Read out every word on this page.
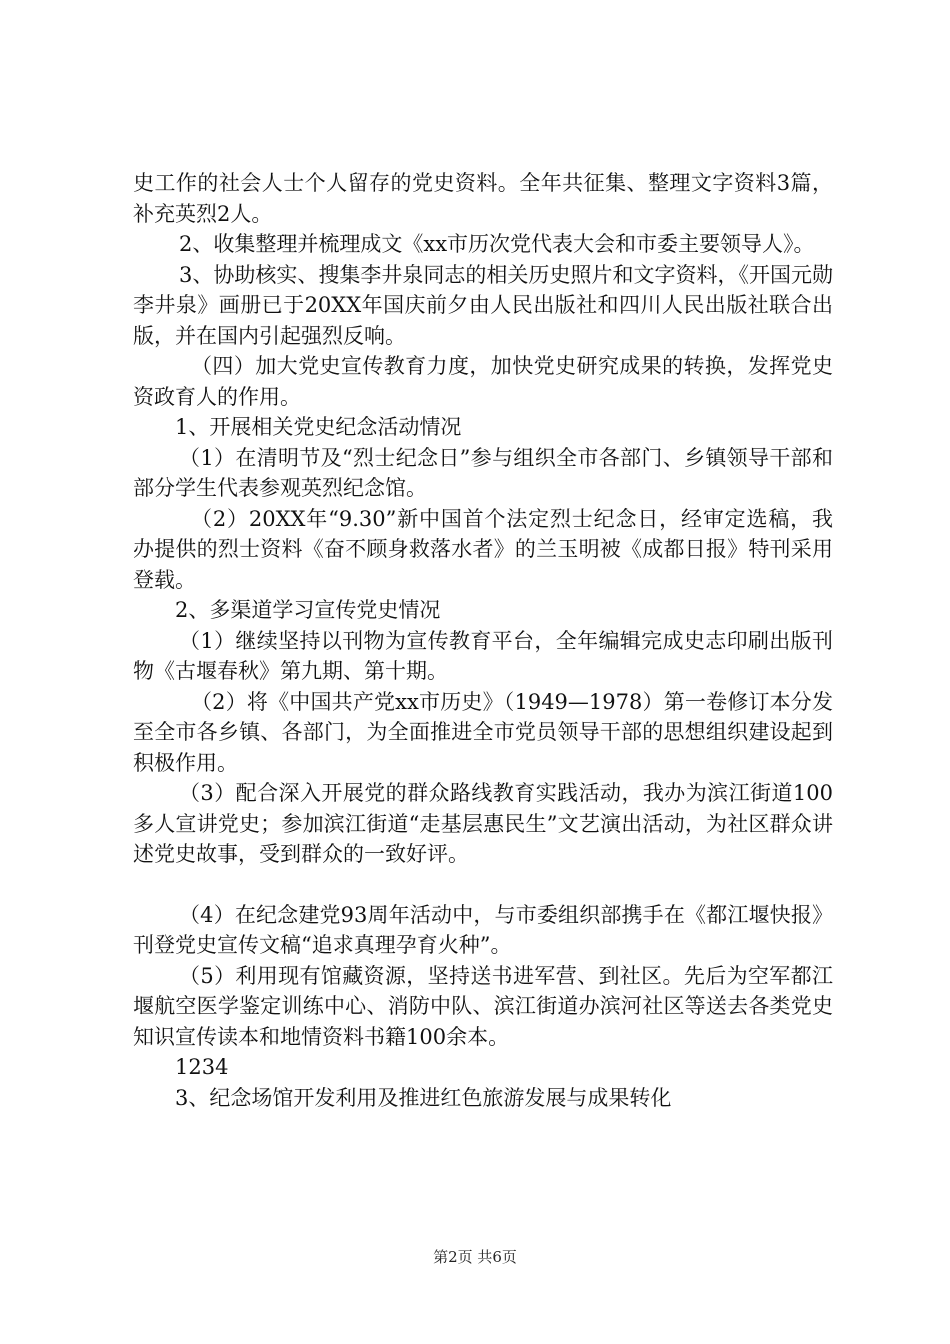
史工作的社会人士个人留存的党史资料。全年共征集、整理文字资料3篇，补充英烈2人。

2、收集整理并梳理成文《xx市历次党代表大会和市委主要领导人》。

3、协助核实、搜集李井泉同志的相关历史照片和文字资料，《开国元勋李井泉》画册已于20XX年国庆前夕由人民出版社和四川人民出版社联合出版，并在国内引起强烈反响。

（四）加大党史宣传教育力度，加快党史研究成果的转换，发挥党史资政育人的作用。

1、开展相关党史纪念活动情况

（1）在清明节及“烈士纪念日”参与组织全市各部门、乡镇领导干部和部分学生代表参观英烈纪念馆。

（2）20XX年“9.30”新中国首个法定烈士纪念日，经审定选稿，我办提供的烈士资料《奋不顾身救落水者》的兰玉明被《成都日报》特刊采用登载。

2、多渠道学习宣传党史情况

（1）继续坚持以刊物为宣传教育平台，全年编辑完成史志印刷出版刊物《古堰春秋》第九期、第十期。

（2）将《中国共产党xx市历史》（1949—1978）第一卷修订本分发至全市各乡镇、各部门，为全面推进全市党员领导干部的思想组织建设起到积极作用。

（3）配合深入开展党的群众路线教育实践活动，我办为滨江街道100多人宣讲党史；参加滨江街道“走基层惠民生”文艺演出活动，为社区群众讲述党史故事，受到群众的一致好评。

（4）在纪念建党93周年活动中，与市委组织部携手在《都江堰快报》刊登党史宣传文稿“追求真理孕育火种”。

（5）利用现有馆藏资源，坚持送书进军营、到社区。先后为空军都江堰航空医学鉴定训练中心、消防中队、滨江街道办滨河社区等送去各类党史知识宣传读本和地情资料书籍100余本。

1234

3、纪念场馆开发利用及推进红色旅游发展与成果转化

第2页 共6页
